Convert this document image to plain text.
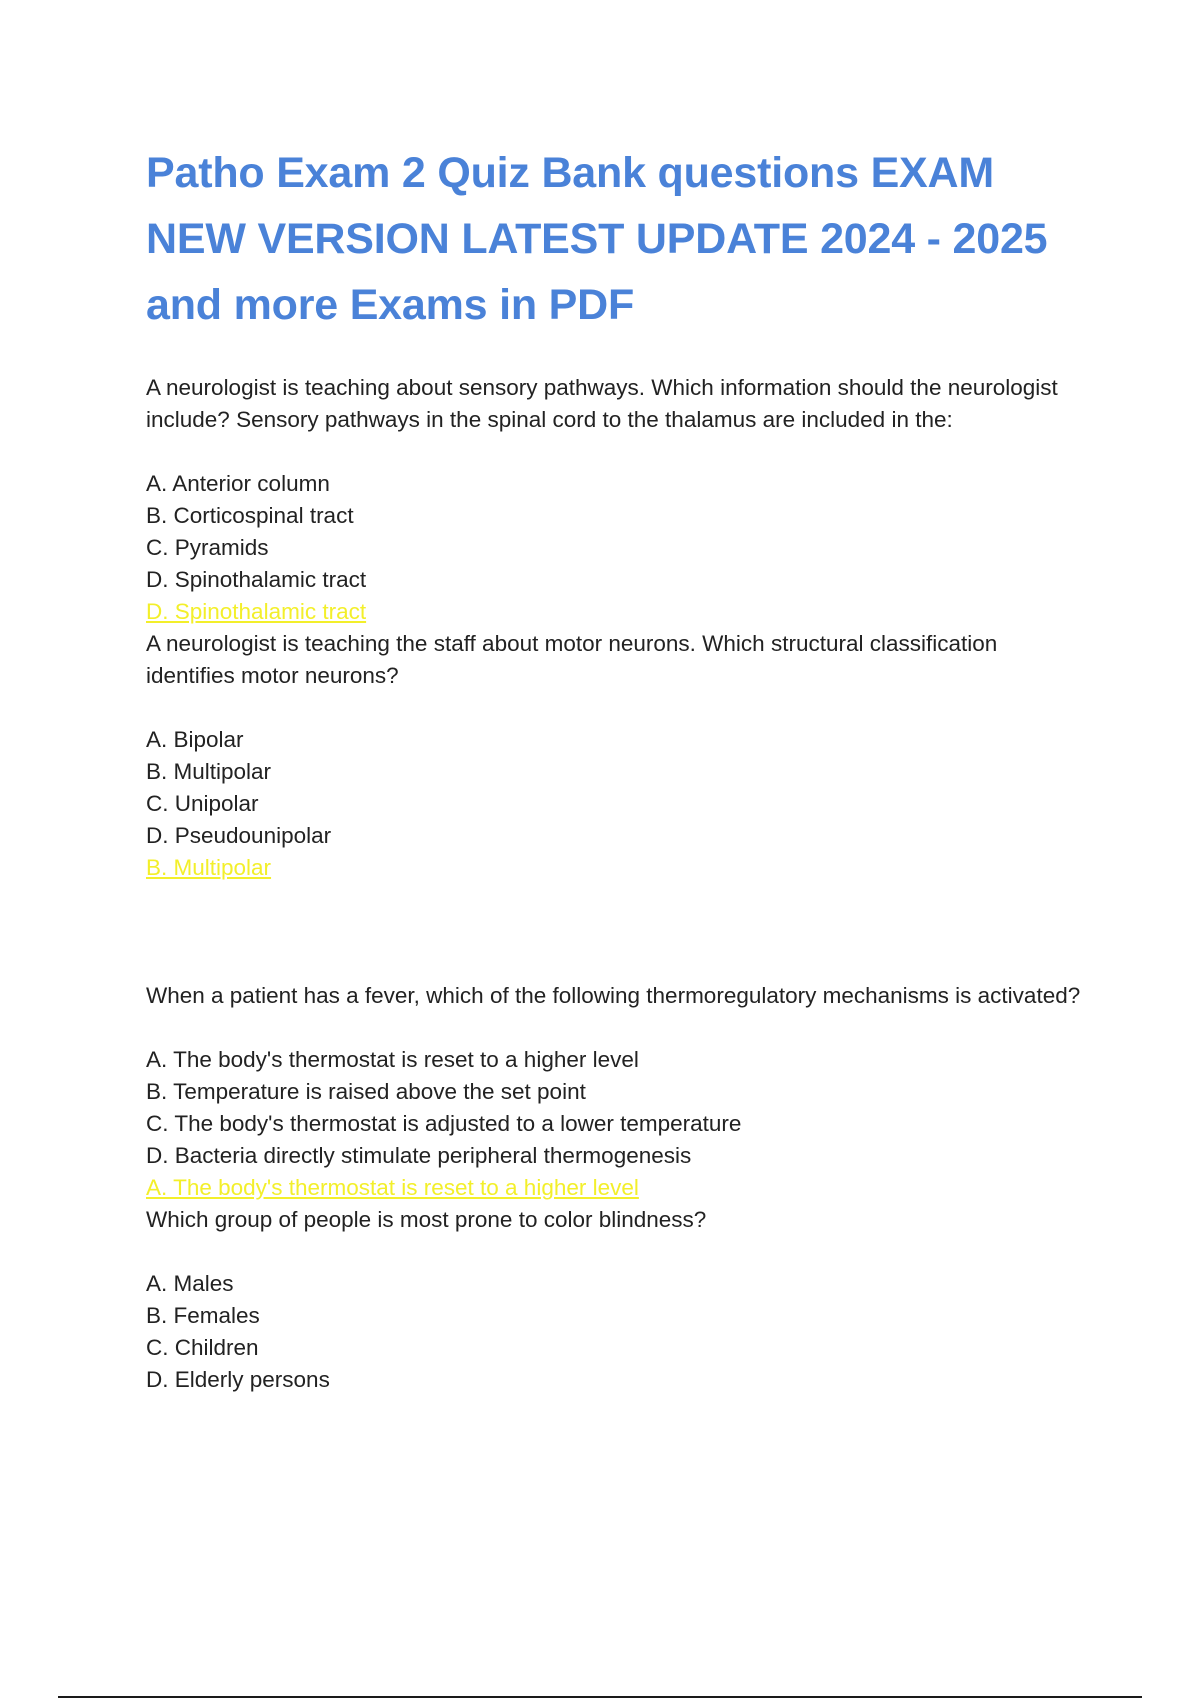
Patho Exam 2 Quiz Bank questions EXAM NEW VERSION LATEST UPDATE 2024 - 2025 and more Exams in PDF

A neurologist is teaching about sensory pathways. Which information should the neurologist include? Sensory pathways in the spinal cord to the thalamus are included in the:

A. Anterior column
B. Corticospinal tract
C. Pyramids
D. Spinothalamic tract
D. Spinothalamic tract

A neurologist is teaching the staff about motor neurons. Which structural classification identifies motor neurons?

A. Bipolar
B. Multipolar
C. Unipolar
D. Pseudounipolar
B. Multipolar

When a patient has a fever, which of the following thermoregulatory mechanisms is activated?

A. The body's thermostat is reset to a higher level
B. Temperature is raised above the set point
C. The body's thermostat is adjusted to a lower temperature
D. Bacteria directly stimulate peripheral thermogenesis
A. The body's thermostat is reset to a higher level

Which group of people is most prone to color blindness?

A. Males
B. Females
C. Children
D. Elderly persons
